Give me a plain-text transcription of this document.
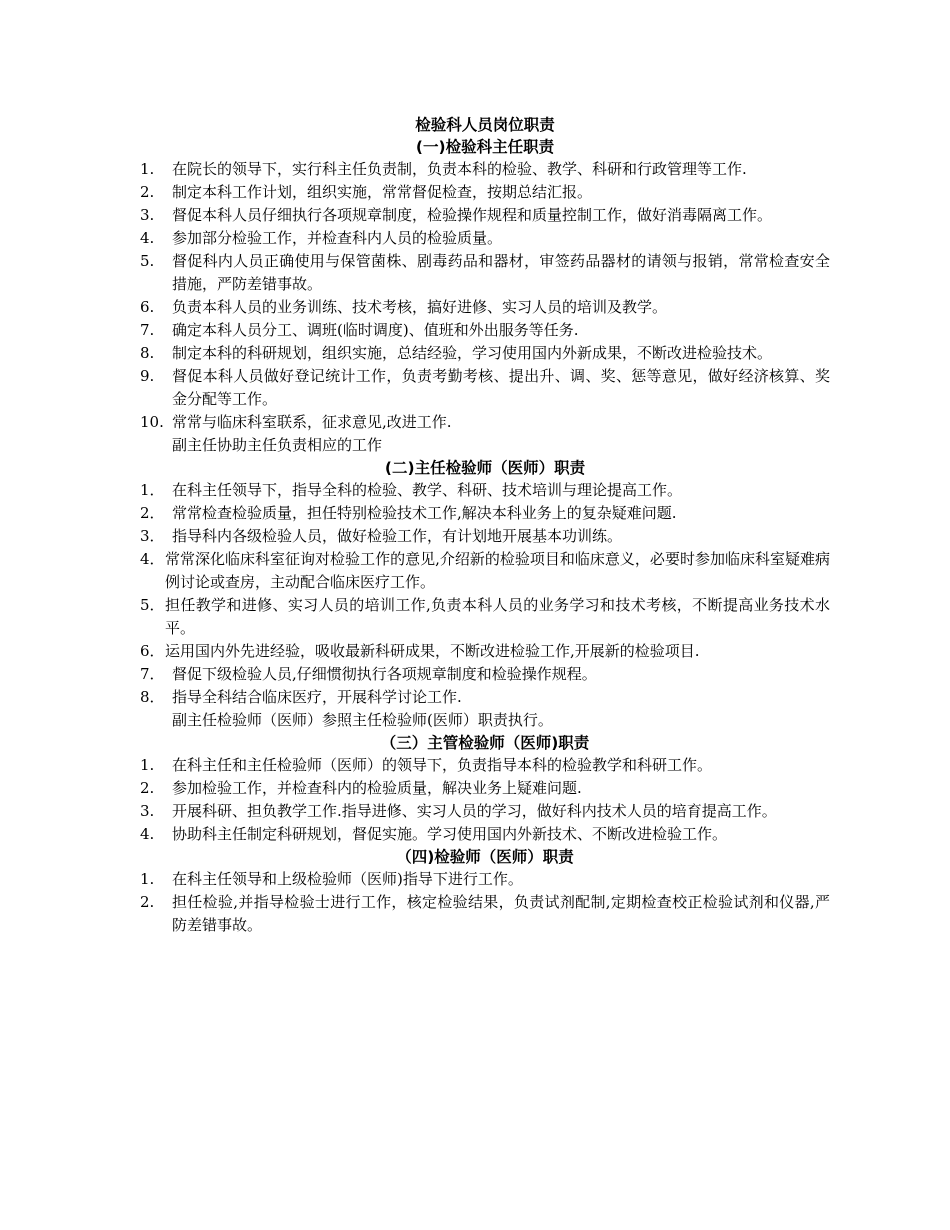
检验科人员岗位职责
(一)检验科主任职责
1.	在院长的领导下，实行科主任负责制，负责本科的检验、教学、科研和行政管理等工作.
2.	制定本科工作计划，组织实施，常常督促检查，按期总结汇报。
3.	督促本科人员仔细执行各项规章制度，检验操作规程和质量控制工作，做好消毒隔离工作。
4.	参加部分检验工作，并检查科内人员的检验质量。
5.	督促科内人员正确使用与保管菌株、剧毒药品和器材，审签药品器材的请领与报销，常常检查安全措施，严防差错事故。
6.	负责本科人员的业务训练、技术考核，搞好进修、实习人员的培训及教学。
7.	确定本科人员分工、调班(临时调度)、值班和外出服务等任务.
8.	制定本科的科研规划，组织实施，总结经验，学习使用国内外新成果，不断改进检验技术。
9.	督促本科人员做好登记统计工作，负责考勤考核、提出升、调、奖、惩等意见，做好经济核算、奖金分配等工作。
10. 常常与临床科室联系，征求意见,改进工作.
副主任协助主任负责相应的工作
(二)主任检验师（医师）职责
1． 在科主任领导下，指导全科的检验、教学、科研、技术培训与理论提高工作。
2． 常常检查检验质量，担任特别检验技术工作,解决本科业务上的复杂疑难问题.
3． 指导科内各级检验人员，做好检验工作，有计划地开展基本功训练。
4． 常常深化临床科室征询对检验工作的意见,介绍新的检验项目和临床意义，必要时参加临床科室疑难病例讨论或查房，主动配合临床医疗工作。
5． 担任教学和进修、实习人员的培训工作,负责本科人员的业务学习和技术考核，不断提高业务技术水平。
6． 运用国内外先进经验，吸收最新科研成果，不断改进检验工作,开展新的检验项目.
7． 督促下级检验人员,仔细惯彻执行各项规章制度和检验操作规程。
8． 指导全科结合临床医疗，开展科学讨论工作.
副主任检验师（医师）参照主任检验师(医师）职责执行。
（三）主管检验师（医师)职责
1.	在科主任和主任检验师（医师）的领导下，负责指导本科的检验教学和科研工作。
2.	参加检验工作，并检查科内的检验质量，解决业务上疑难问题.
3.	开展科研、担负教学工作.指导进修、实习人员的学习，做好科内技术人员的培育提高工作。
4.	协助科主任制定科研规划，督促实施。学习使用国内外新技术、不断改进检验工作。
（四)检验师（医师）职责
1.	在科主任领导和上级检验师（医师)指导下进行工作。
2.	担任检验,并指导检验士进行工作，核定检验结果，负责试剂配制,定期检查校正检验试剂和仪器,严防差错事故。
